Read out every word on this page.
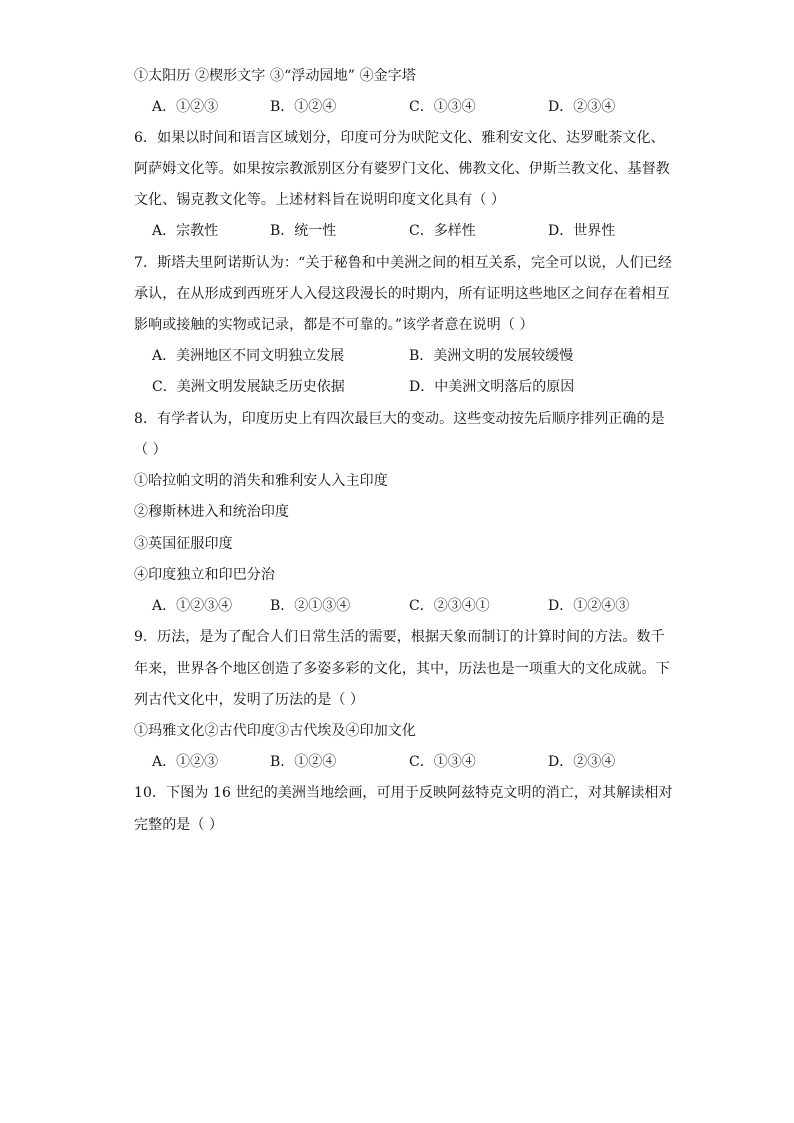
①太阳历 ②楔形文字 ③“浮动园地” ④金字塔
A．①②③	B．①②④	C．①③④	D．②③④
6．如果以时间和语言区域划分，印度可分为吠陀文化、雅利安文化、达罗毗荼文化、
阿萨姆文化等。如果按宗教派别区分有婆罗门文化、佛教文化、伊斯兰教文化、基督教
文化、锡克教文化等。上述材料旨在说明印度文化具有（ ）
A．宗教性	B．统一性	C．多样性	D．世界性
7．斯塔夫里阿诺斯认为：“关于秘鲁和中美洲之间的相互关系，完全可以说，人们已经
承认，在从形成到西班牙人入侵这段漫长的时期内，所有证明这些地区之间存在着相互
影响或接触的实物或记录，都是不可靠的。”该学者意在说明（ ）
A．美洲地区不同文明独立发展	B．美洲文明的发展较缓慢
C．美洲文明发展缺乏历史依据	D．中美洲文明落后的原因
8．有学者认为，印度历史上有四次最巨大的变动。这些变动按先后顺序排列正确的是
（ ）
①哈拉帕文明的消失和雅利安人入主印度
②穆斯林进入和统治印度
③英国征服印度
④印度独立和印巴分治
A．①②③④	B．②①③④	C．②③④①	D．①②④③
9．历法，是为了配合人们日常生活的需要，根据天象而制订的计算时间的方法。数千
年来，世界各个地区创造了多姿多彩的文化，其中，历法也是一项重大的文化成就。下
列古代文化中，发明了历法的是（ ）
①玛雅文化②古代印度③古代埃及④印加文化
A．①②③	B．①②④	C．①③④	D．②③④
10．下图为 16 世纪的美洲当地绘画，可用于反映阿兹特克文明的消亡，对其解读相对
完整的是（ ）
